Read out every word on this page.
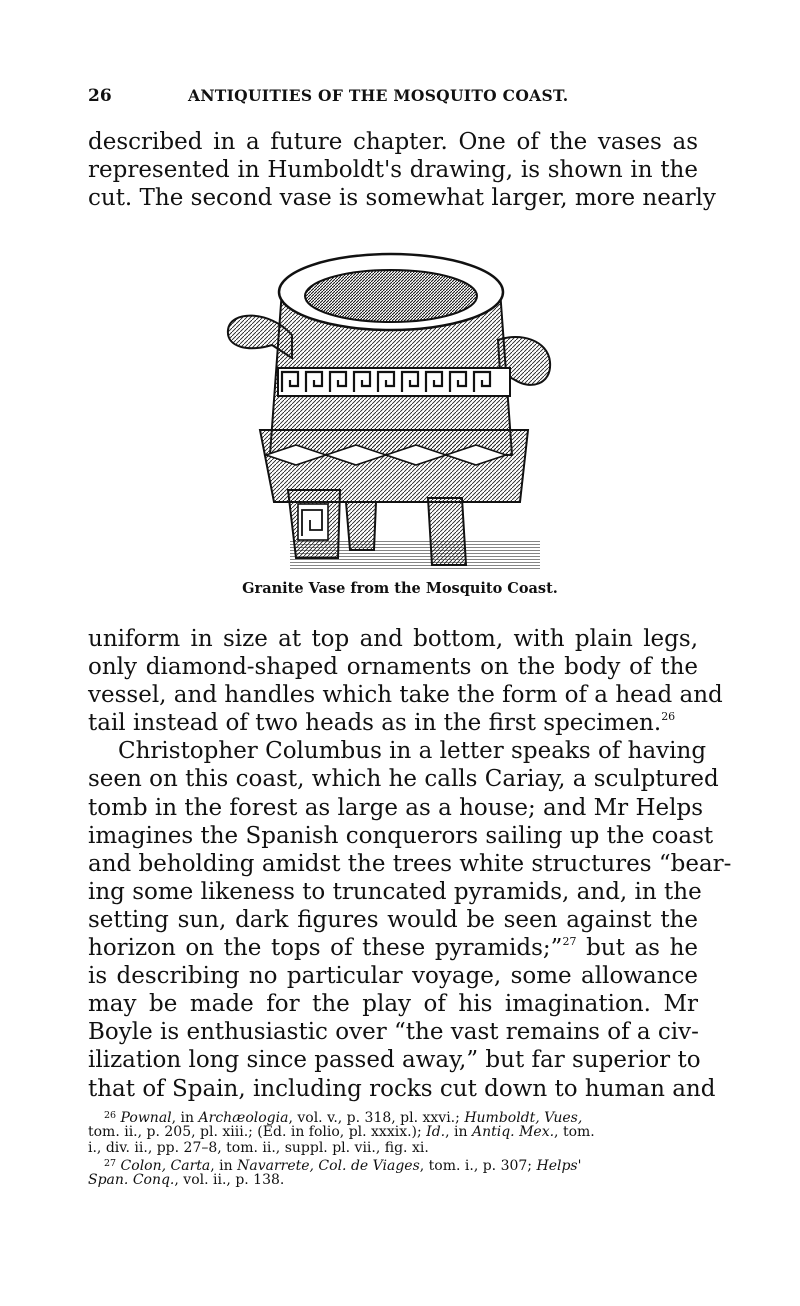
26	ANTIQUITIES OF THE MOSQUITO COAST.
described in a future chapter. One of the vases as
represented in Humboldt's drawing, is shown in the
cut. The second vase is somewhat larger, more nearly
Granite Vase from the Mosquito Coast.
uniform in size at top and bottom, with plain legs,
only diamond-shaped ornaments on the body of the
vessel, and handles which take the form of a head and
tail instead of two heads as in the first specimen.$^{26}$
Christopher Columbus in a letter speaks of having
seen on this coast, which he calls Cariay, a sculptured
tomb in the forest as large as a house; and Mr Helps
imagines the Spanish conquerors sailing up the coast
and beholding amidst the trees white structures “bear-
ing some likeness to truncated pyramids, and, in the
setting sun, dark figures would be seen against the
horizon on the tops of these pyramids;”$^{27}$ but as he
is describing no particular voyage, some allowance
may be made for the play of his imagination. Mr
Boyle is enthusiastic over “the vast remains of a civ-
ilization long since passed away,” but far superior to
that of Spain, including rocks cut down to human and
$^{26}$ Pownal, in Archæologia, vol. v., p. 318, pl. xxvi.; Humboldt, Vues,
tom. ii., p. 205, pl. xiii.; (Ed. in folio, pl. xxxix.); Id., in Antiq. Mex., tom.
i., div. ii., pp. 27–8, tom. ii., suppl. pl. vii., fig. xi.
$^{27}$ Colon, Carta, in Navarrete, Col. de Viages, tom. i., p. 307; Helps'
Span. Conq., vol. ii., p. 138.
